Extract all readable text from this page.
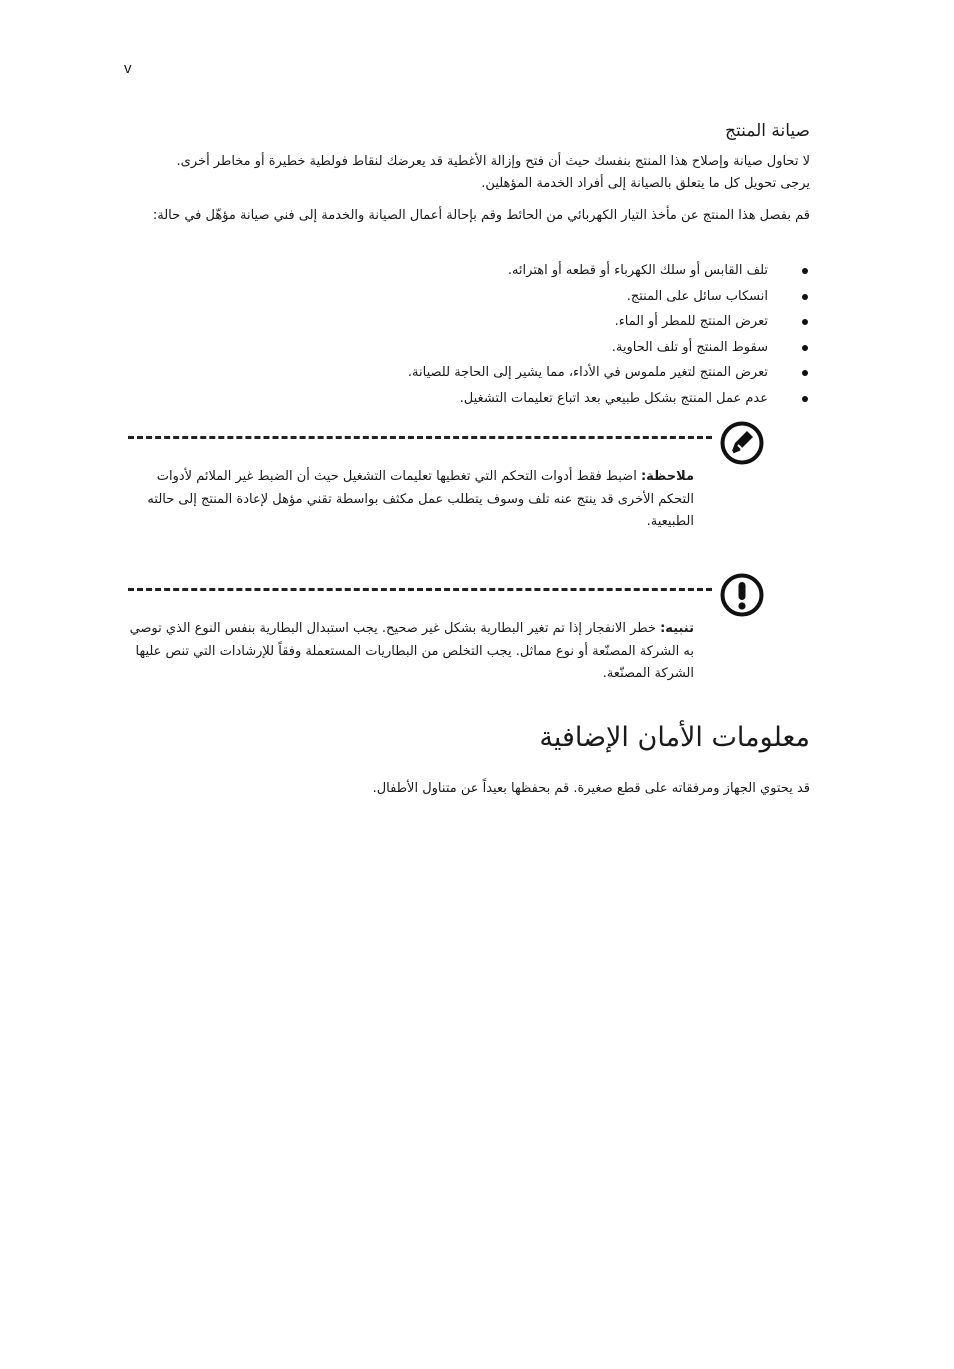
v
صيانة المنتج
لا تحاول صيانة وإصلاح هذا المنتج بنفسك حيث أن فتح وإزالة الأغطية قد يعرضك لنقاط فولطية خطيرة أو مخاطر أخرى. يرجى تحويل كل ما يتعلق بالصيانة إلى أفراد الخدمة المؤهلين.
قم بفصل هذا المنتج عن مأخذ التيار الكهربائي من الحائط وقم بإحالة أعمال الصيانة والخدمة إلى فني صيانة مؤهّل في حالة:
تلف القابس أو سلك الكهرباء أو قطعه أو اهترائه.
انسكاب سائل على المنتج.
تعرض المنتج للمطر أو الماء.
سقوط المنتج أو تلف الحاوية.
تعرض المنتج لتغير ملموس في الأداء، مما يشير إلى الحاجة للصيانة.
عدم عمل المنتج بشكل طبيعي بعد اتباع تعليمات التشغيل.
ملاحظة: اضبط فقط أدوات التحكم التي تغطيها تعليمات التشغيل حيث أن الضبط غير الملائم لأدوات التحكم الأخرى قد ينتج عنه تلف وسوف يتطلب عمل مكثف بواسطة تقني مؤهل لإعادة المنتج إلى حالته الطبيعية.
تنبيه: خطر الانفجار إذا تم تغير البطارية بشكل غير صحيح. يجب استبدال البطارية بنفس النوع الذي توصي به الشركة المصنّعة أو نوع مماثل. يجب التخلص من البطاريات المستعملة وفقاً للإرشادات التي تنص عليها الشركة المصنّعة.
معلومات الأمان الإضافية
قد يحتوي الجهاز ومرفقاته على قطع صغيرة. قم بحفظها بعيداً عن متناول الأطفال.
